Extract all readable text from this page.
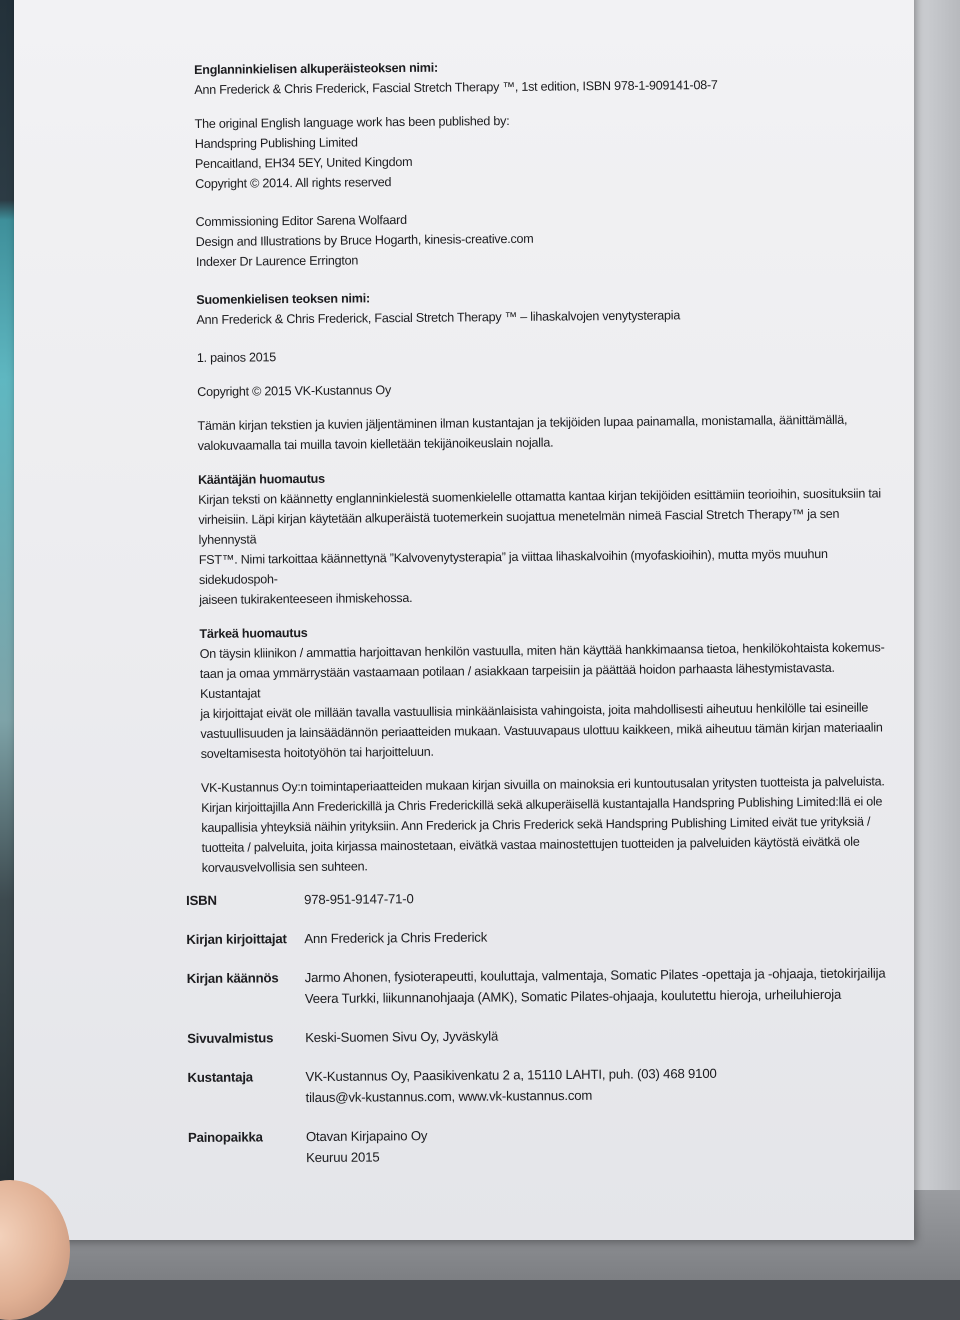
Englanninkielisen alkuperäisteoksen nimi:

Ann Frederick & Chris Frederick, Fascial Stretch Therapy ™, 1st edition, ISBN 978-1-909141-08-7

The original English language work has been published by:

Handspring Publishing Limited

Pencaitland, EH34 5EY, United Kingdom

Copyright © 2014. All rights reserved

Commissioning Editor Sarena Wolfaard

Design and Illustrations by Bruce Hogarth, kinesis-creative.com

Indexer Dr Laurence Errington

Suomenkielisen teoksen nimi:

Ann Frederick & Chris Frederick, Fascial Stretch Therapy ™ – lihaskalvojen venytysterapia

1. painos 2015

Copyright © 2015 VK-Kustannus Oy

Tämän kirjan tekstien ja kuvien jäljentäminen ilman kustantajan ja tekijöiden lupaa painamalla, monistamalla, äänittämällä,

valokuvaamalla tai muilla tavoin kielletään tekijänoikeuslain nojalla.

Kääntäjän huomautus

Kirjan teksti on käännetty englanninkielestä suomenkielelle ottamatta kantaa kirjan tekijöiden esittämiin teorioihin, suosituksiin tai

virheisiin. Läpi kirjan käytetään alkuperäistä tuotemerkein suojattua menetelmän nimeä Fascial Stretch Therapy™ ja sen lyhennystä

FST™. Nimi tarkoittaa käännettynä ”Kalvovenytysterapia” ja viittaa lihaskalvoihin (myofaskioihin), mutta myös muuhun sidekudospoh-

jaiseen tukirakenteeseen ihmiskehossa.

Tärkeä huomautus

On täysin kliinikon / ammattia harjoittavan henkilön vastuulla, miten hän käyttää hankkimaansa tietoa, henkilökohtaista kokemus-

taan ja omaa ymmärrystään vastaamaan potilaan / asiakkaan tarpeisiin ja päättää hoidon parhaasta lähestymistavasta. Kustantajat

ja kirjoittajat eivät ole millään tavalla vastuullisia minkäänlaisista vahingoista, joita mahdollisesti aiheutuu henkilölle tai esineille

vastuullisuuden ja lainsäädännön periaatteiden mukaan. Vastuuvapaus ulottuu kaikkeen, mikä aiheutuu tämän kirjan materiaalin

soveltamisesta hoitotyöhön tai harjoitteluun.

VK-Kustannus Oy:n toimintaperiaatteiden mukaan kirjan sivuilla on mainoksia eri kuntoutusalan yritysten tuotteista ja palveluista.

Kirjan kirjoittajilla Ann Frederickillä ja Chris Frederickillä sekä alkuperäisellä kustantajalla Handspring Publishing Limited:llä ei ole

kaupallisia yhteyksiä näihin yrityksiin. Ann Frederick ja Chris Frederick sekä Handspring Publishing Limited eivät tue yrityksiä /

tuotteita / palveluita, joita kirjassa mainostetaan, eivätkä vastaa mainostettujen tuotteiden ja palveluiden käytöstä eivätkä ole

korvausvelvollisia sen suhteen.

ISBN	978-951-9147-71-0

Kirjan kirjoittajat	Ann Frederick ja Chris Frederick

Kirjan käännös	Jarmo Ahonen, fysioterapeutti, kouluttaja, valmentaja, Somatic Pilates -opettaja ja -ohjaaja, tietokirjailija

Veera Turkki, liikunnanohjaaja (AMK), Somatic Pilates-ohjaaja, koulutettu hieroja, urheiluhieroja

Sivuvalmistus	Keski-Suomen Sivu Oy, Jyväskylä

Kustantaja	VK-Kustannus Oy, Paasikivenkatu 2 a, 15110 LAHTI, puh. (03) 468 9100

tilaus@vk-kustannus.com, www.vk-kustannus.com

Painopaikka	Otavan Kirjapaino Oy

Keuruu 2015
